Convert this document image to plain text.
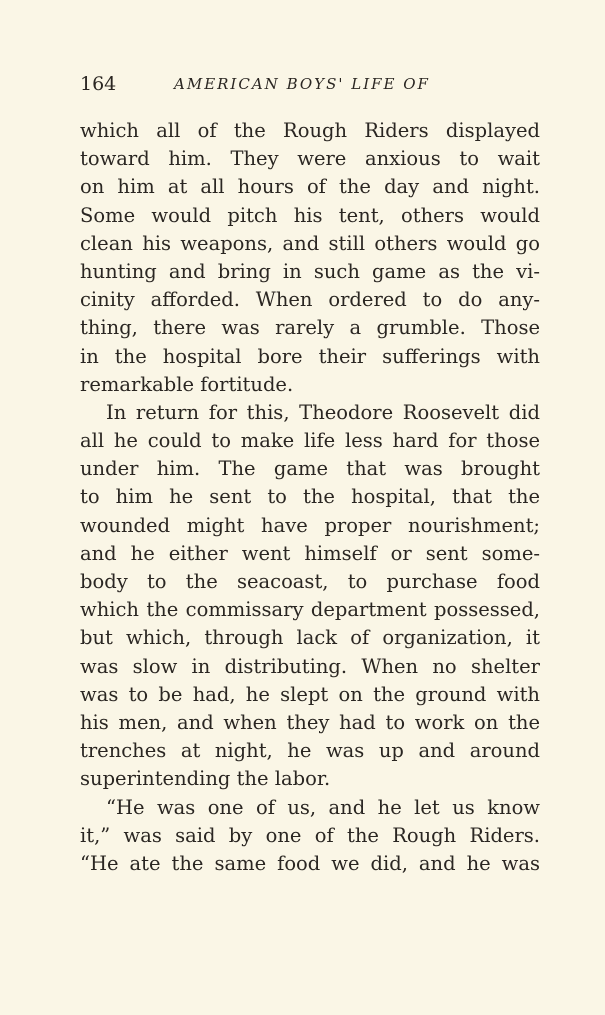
164	AMERICAN BOYS' LIFE OF
which all of the Rough Riders displayed
toward him. They were anxious to wait
on him at all hours of the day and night.
Some would pitch his tent, others would
clean his weapons, and still others would go
hunting and bring in such game as the vi-
cinity afforded. When ordered to do any-
thing, there was rarely a grumble. Those
in the hospital bore their sufferings with
remarkable fortitude.
In return for this, Theodore Roosevelt did
all he could to make life less hard for those
under him. The game that was brought
to him he sent to the hospital, that the
wounded might have proper nourishment;
and he either went himself or sent some-
body to the seacoast, to purchase food
which the commissary department possessed,
but which, through lack of organization, it
was slow in distributing. When no shelter
was to be had, he slept on the ground with
his men, and when they had to work on the
trenches at night, he was up and around
superintending the labor.
“He was one of us, and he let us know
it,” was said by one of the Rough Riders.
“He ate the same food we did, and he was
